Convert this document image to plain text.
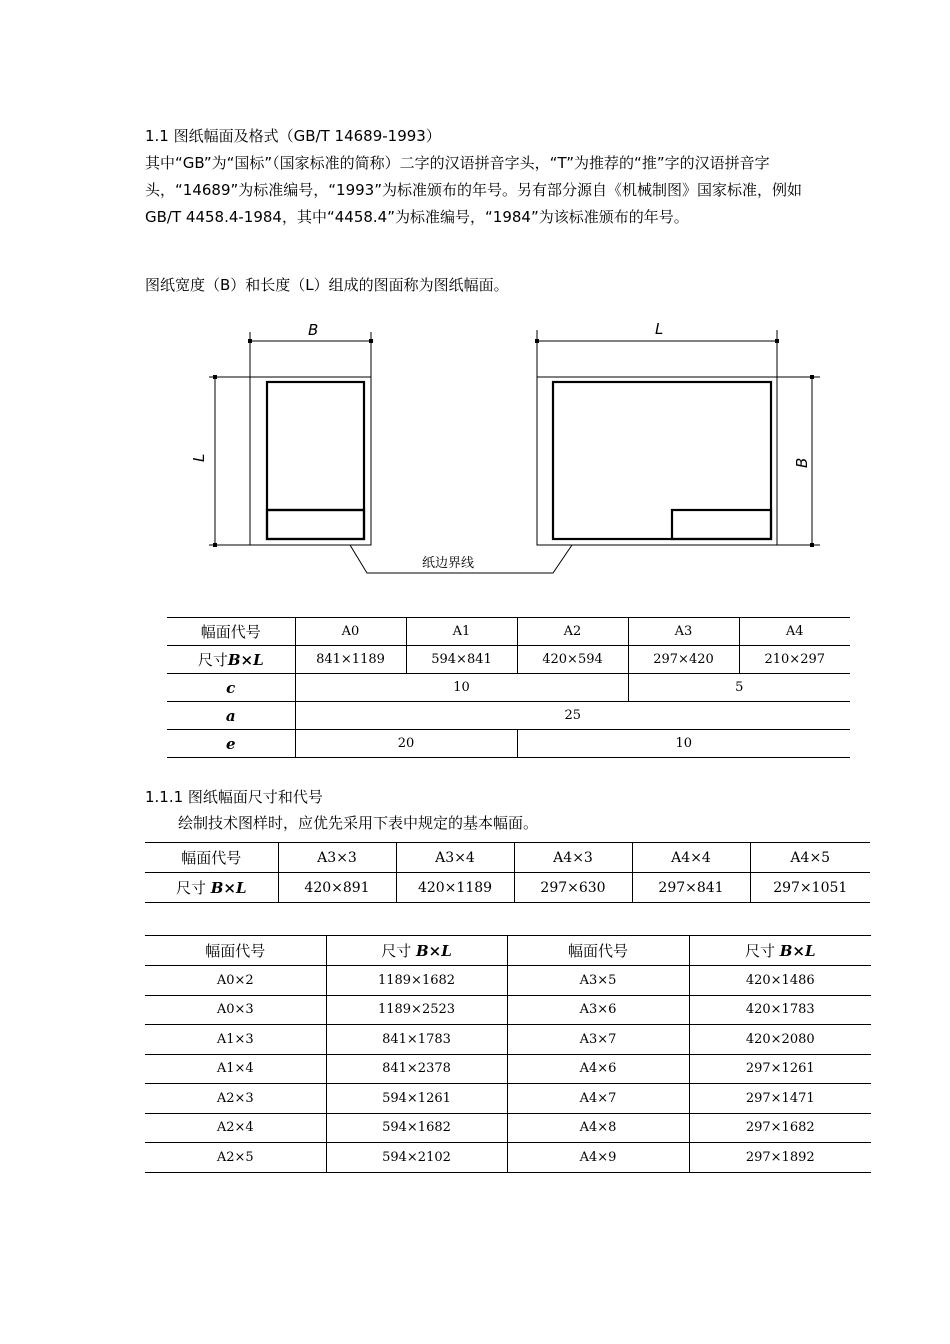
1.1 图纸幅面及格式（GB/T 14689-1993）
其中“GB”为“国标”（国家标准的简称）二字的汉语拼音字头，“T”为推荐的“推”字的汉语拼音字头，“14689”为标准编号，“1993”为标准颁布的年号。另有部分源自《机械制图》国家标准，例如 GB/T 4458.4-1984，其中“4458.4”为标准编号，“1984”为该标准颁布的年号。
图纸宽度（B）和长度（L）组成的图面称为图纸幅面。
B
L
L
B
纸边界线
幅面代号	A0	A1	A2	A3	A4
尺寸B×L	841×1189	594×841	420×594	297×420	210×297
c	10			5	
a	25				
e	20		10		
1.1.1 图纸幅面尺寸和代号
绘制技术图样时，应优先采用下表中规定的基本幅面。
幅面代号	A3×3	A3×4	A4×3	A4×4	A4×5
尺寸 B×L	420×891	420×1189	297×630	297×841	297×1051
幅面代号	尺寸 B×L	幅面代号	尺寸 B×L
A0×2	1189×1682	A3×5	420×1486
A0×3	1189×2523	A3×6	420×1783
A1×3	841×1783	A3×7	420×2080
A1×4	841×2378	A4×6	297×1261
A2×3	594×1261	A4×7	297×1471
A2×4	594×1682	A4×8	297×1682
A2×5	594×2102	A4×9	297×1892
